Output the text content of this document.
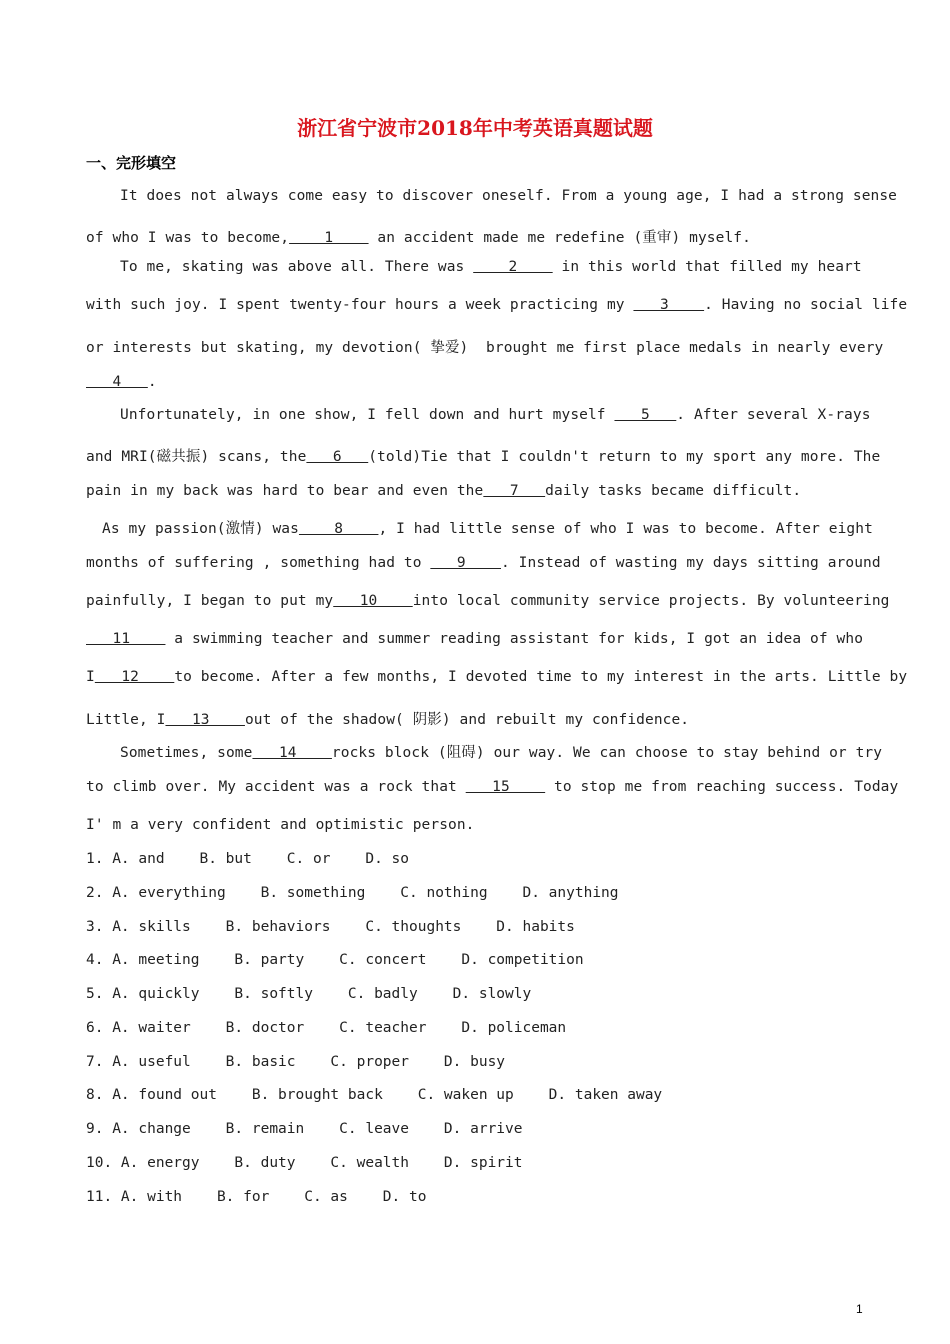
浙江省宁波市2018年中考英语真题试题
一、完形填空
It does not always come easy to discover oneself. From a young age, I had a strong sense
of who I was to become,    1     an accident made me redefine (重审) myself.
To me, skating was above all. There was     2     in this world that filled my heart
with such joy. I spent twenty-four hours a week practicing my    3    . Having no social life
or interests but skating, my devotion( 挚爱)  brought me first place medals in nearly every
4   .
Unfortunately, in one show, I fell down and hurt myself    5   . After several X-rays
and MRI(磁共振) scans, the   6   (told)Tie that I couldn't return to my sport any more. The
pain in my back was hard to bear and even the   7   daily tasks became difficult.
As my passion(激情) was    8    , I had little sense of who I was to become. After eight
months of suffering , something had to    9    . Instead of wasting my days sitting around
painfully, I began to put my   10    into local community service projects. By volunteering
11     a swimming teacher and summer reading assistant for kids, I got an idea of who
I   12    to become. After a few months, I devoted time to my interest in the arts. Little by
Little, I   13    out of the shadow( 阴影) and rebuilt my confidence.
Sometimes, some   14    rocks block (阻碍) our way. We can choose to stay behind or try
to climb over. My accident was a rock that    15     to stop me from reaching success. Today
I' m a very confident and optimistic person.
1. A. and    B. but    C. or    D. so
2. A. everything    B. something    C. nothing    D. anything
3. A. skills    B. behaviors    C. thoughts    D. habits
4. A. meeting    B. party    C. concert    D. competition
5. A. quickly    B. softly    C. badly    D. slowly
6. A. waiter    B. doctor    C. teacher    D. policeman
7. A. useful    B. basic    C. proper    D. busy
8. A. found out    B. brought back    C. waken up    D. taken away
9. A. change    B. remain    C. leave    D. arrive
10. A. energy    B. duty    C. wealth    D. spirit
11. A. with    B. for    C. as    D. to
1
